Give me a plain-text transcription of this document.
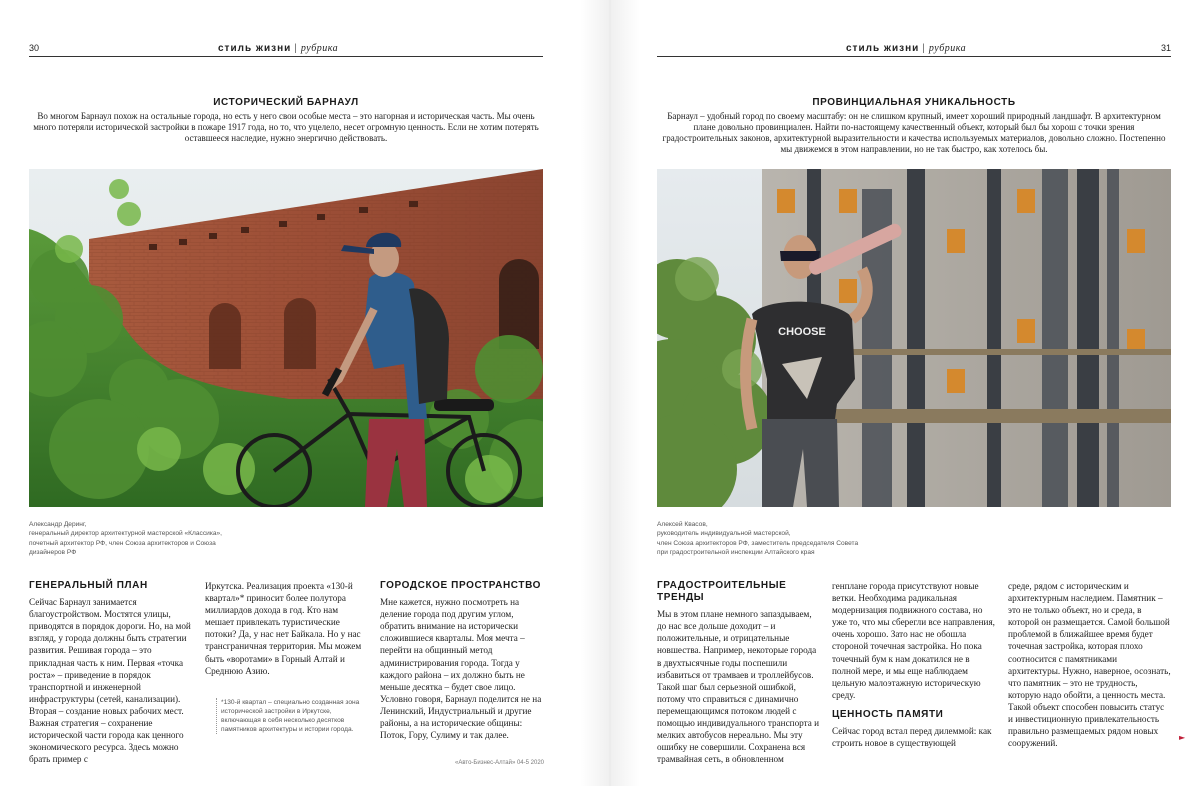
30	стиль жизни | рубрика
ИСТОРИЧЕСКИЙ БАРНАУЛ
Во многом Барнаул похож на остальные города, но есть у него свои особые места – это нагорная и историческая часть. Мы очень много потеряли исторической застройки в пожаре 1917 года, но то, что уцелело, несет огромную ценность. Если не хотим потерять оставшееся наследие, нужно энергично действовать.
Александр Деринг,
генеральный директор архитектурной мастерской «Классика»,
почетный архитектор РФ, член Союза архитекторов и Союза
дизайнеров РФ
ГЕНЕРАЛЬНЫЙ ПЛАН

Сейчас Барнаул занимается благоустройством. Мостятся улицы, приводятся в порядок дороги. Но, на мой взгляд, у города должны быть стратегии развития. Решивая города – это прикладная часть к ним. Первая «точка роста» – приведение в порядок транспортной и инженерной инфраструктуры (сетей, канализации). Вторая – создание новых рабочих мест. Важная стратегия – сохранение исторической части города как ценного экономического ресурса. Здесь можно брать пример с

Иркутска. Реализация проекта «130-й квартал»* приносит более полутора миллиардов дохода в год. Кто нам мешает привлекать туристические потоки? Да, у нас нет Байкала. Но у нас трансграничная территория. Мы можем быть «воротами» в Горный Алтай и Среднюю Азию.

*130-й квартал – специально созданная зона исторической застройки в Иркутске, включающая в себя несколько десятков памятников архитектуры и истории города.
ГОРОДСКОЕ ПРОСТРАНСТВО

Мне кажется, нужно посмотреть на деление города под другим углом, обратить внимание на исторически сложившиеся кварталы. Моя мечта – перейти на общинный метод администрирования города. Тогда у каждого района – их должно быть не меньше десятка – будет свое лицо. Условно говоря, Барнаул поделится не на Ленинский, Индустриальный и другие районы, а на исторические общины: Поток, Гору, Сулиму и так далее.

«Авто-Бизнес-Алтай» 04-5 2020
стиль жизни | рубрика	31
ПРОВИНЦИАЛЬНАЯ УНИКАЛЬНОСТЬ
Барнаул – удобный город по своему масштабу: он не слишком крупный, имеет хороший природный ландшафт. В архитектурном плане довольно провинциален. Найти по-настоящему качественный объект, который был бы хорош с точки зрения градостроительных законов, архитектурной выразительности и качества используемых материалов, довольно сложно. Постепенно мы движемся в этом направлении, но не так быстро, как хотелось бы.
CHOOSE
Алексей Квасов,
руководитель индивидуальной мастерской,
член Союза архитекторов РФ, заместитель председателя Совета
при градостроительной инспекции Алтайского края
ГРАДОСТРОИТЕЛЬНЫЕ ТРЕНДЫ

Мы в этом плане немного запаздываем, до нас все дольше доходит – и положительные, и отрицательные новшества. Например, некоторые города в двухтысячные годы поспешили избавиться от трамваев и троллейбусов. Такой шаг был серьезной ошибкой, потому что справиться с динамично перемещающимся потоком людей с помощью индивидуального транспорта и мелких автобусов нереально. Мы эту ошибку не совершили. Сохранена вся трамвайная сеть, в обновленном

генплане города присутствуют новые ветки. Необходима радикальная модернизация подвижного состава, но уже то, что мы сберегли все направления, очень хорошо. Зато нас не обошла стороной точечная застройка. Но пока точечный бум к нам докатился не в полной мере, и мы еще наблюдаем цельную малоэтажную историческую среду.

ЦЕННОСТЬ ПАМЯТИ

Сейчас город встал перед дилеммой: как строить новое в существующей

среде, рядом с историческим и архитектурным наследием. Памятник – это не только объект, но и среда, в которой он размещается. Самой большой проблемой в ближайшее время будет точечная застройка, которая плохо соотносится с памятниками архитектуры. Нужно, наверное, осознать, что памятник – это не трудность, которую надо обойти, а ценность места. Такой объект способен повысить статус и инвестиционную привлекательность правильно размещаемых рядом новых сооружений.

►
